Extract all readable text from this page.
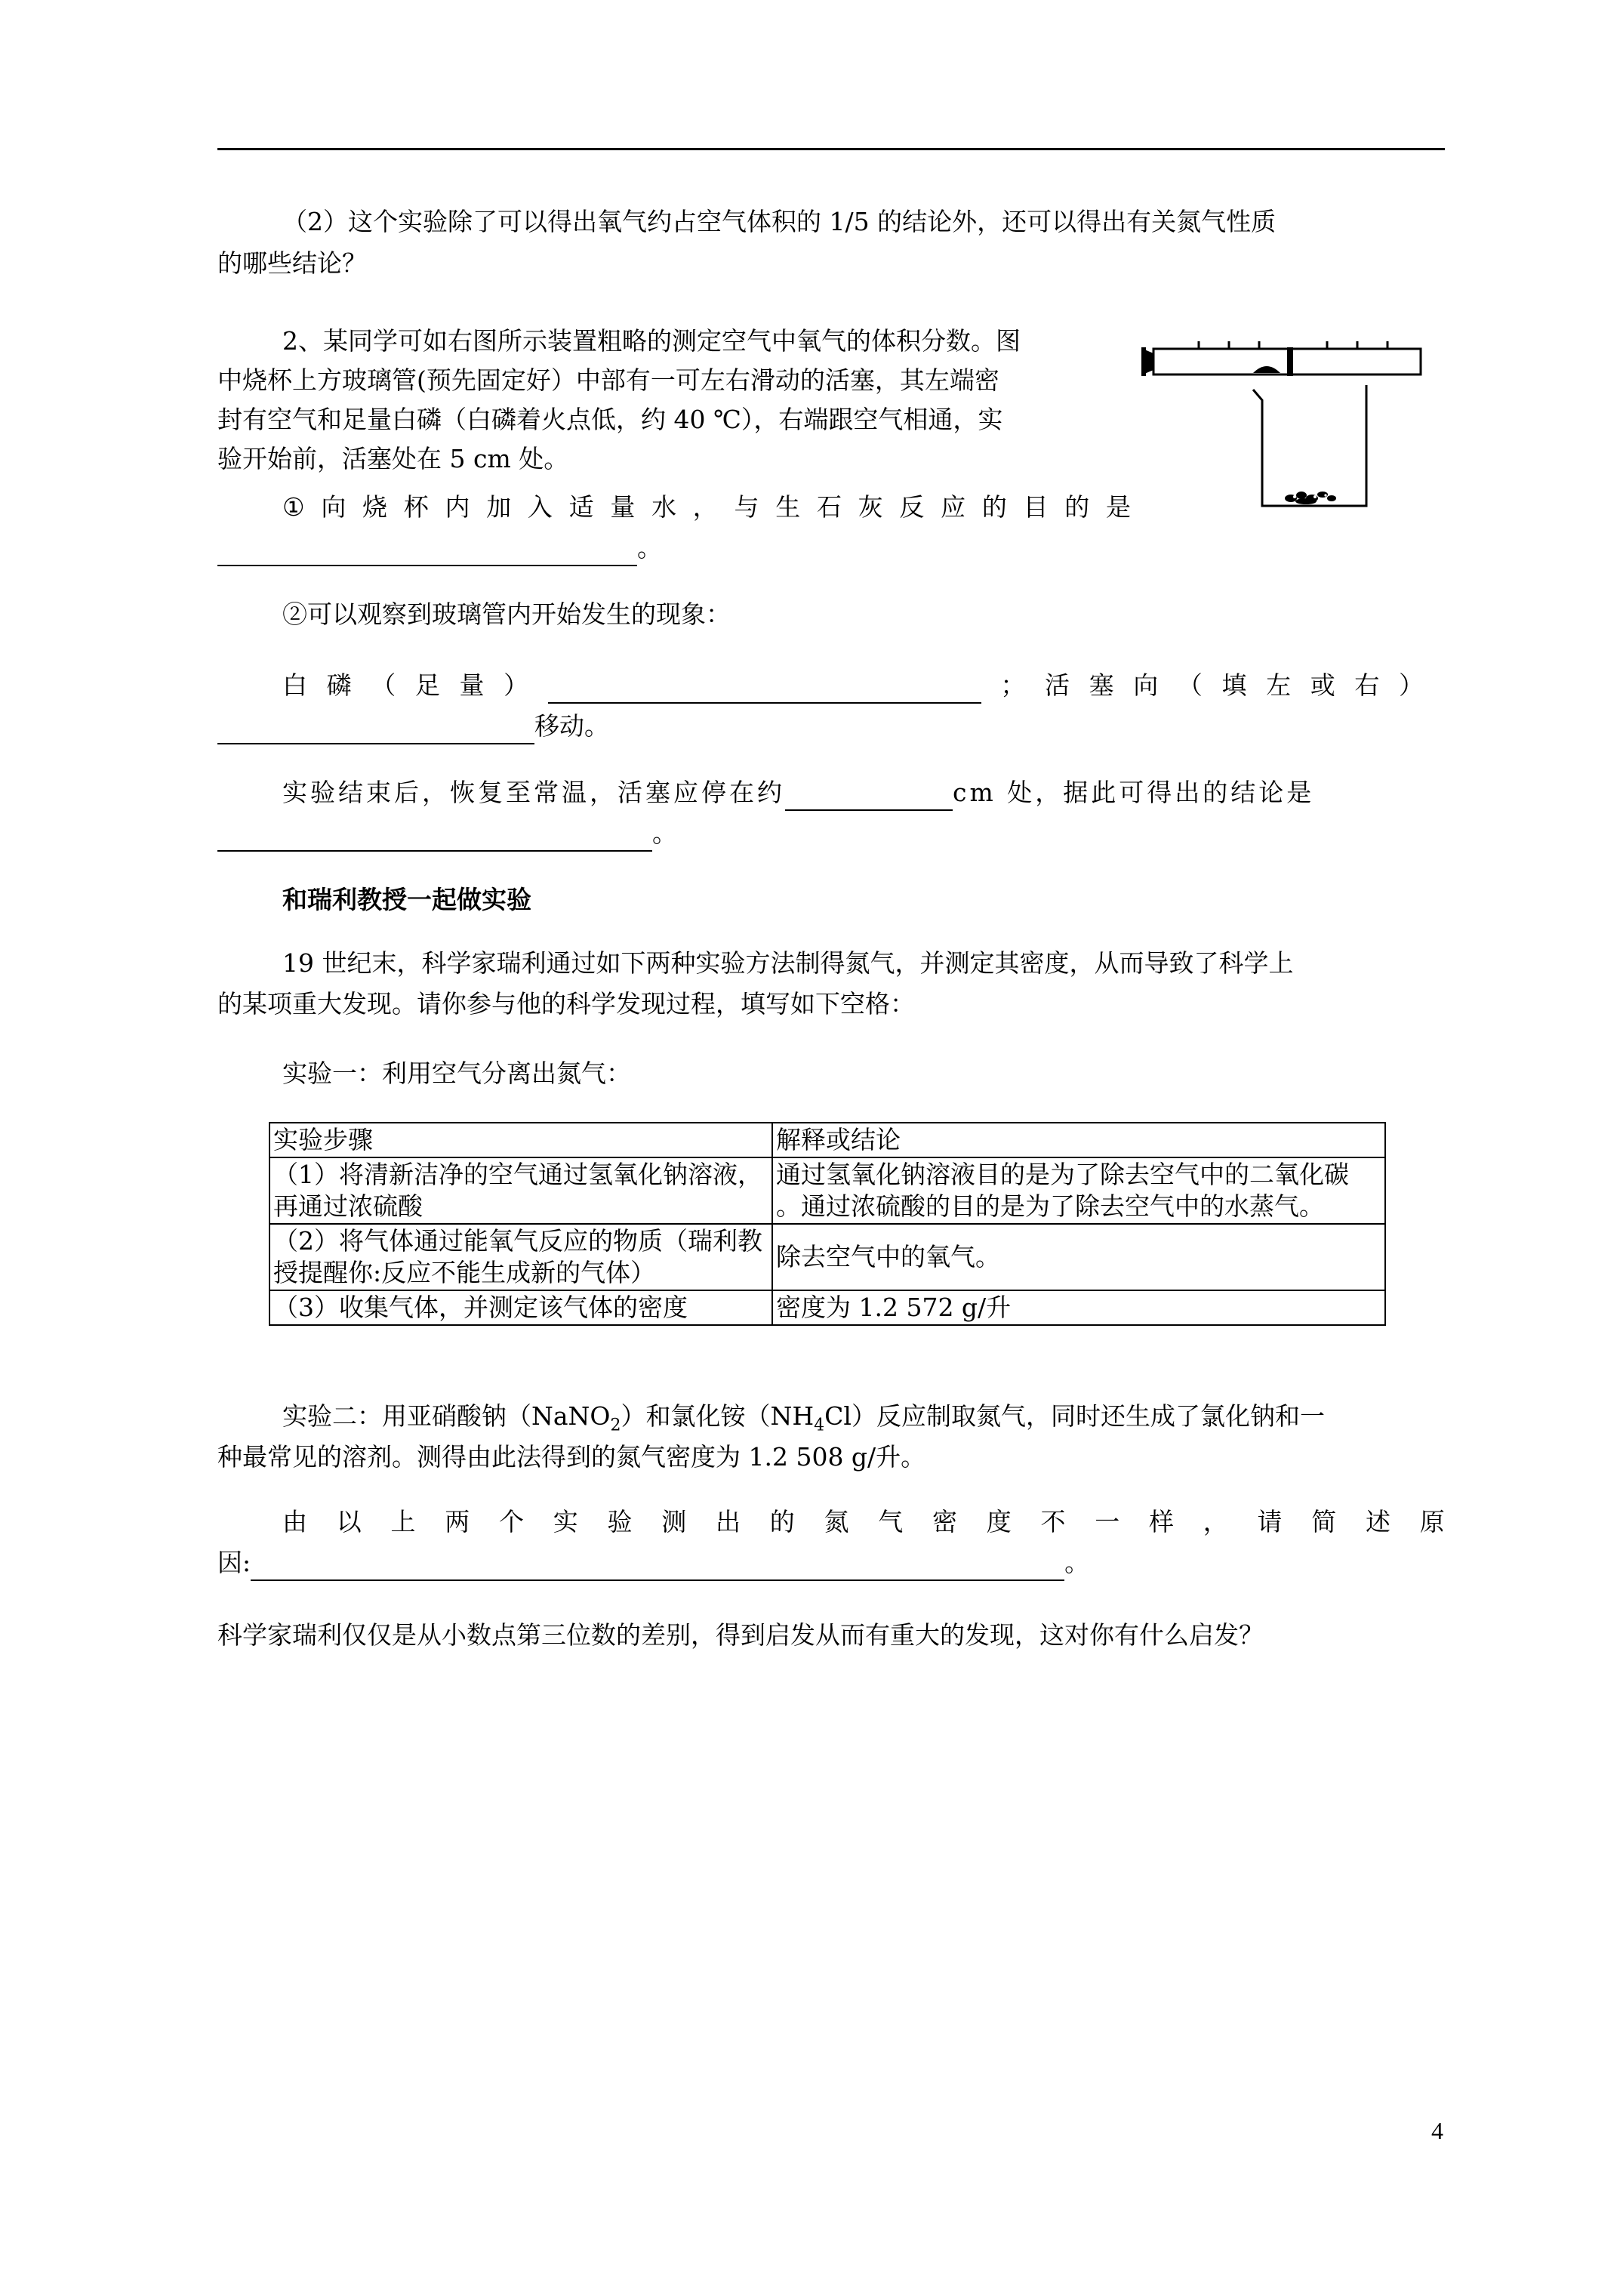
（2）这个实验除了可以得出氧气约占空气体积的 1/5 的结论外，还可以得出有关氮气性质
的哪些结论？
2、某同学可如右图所示装置粗略的测定空气中氧气的体积分数。图
中烧杯上方玻璃管(预先固定好）中部有一可左右滑动的活塞，其左端密
封有空气和足量白磷（白磷着火点低，约 40 ℃），右端跟空气相通，实
验开始前，活塞处在 5 cm 处。
① 向 烧 杯 内 加 入 适 量 水 ， 与 生 石 灰 反 应 的 目 的 是
。
②可以观察到玻璃管内开始发生的现象：
白 磷 （ 足 量 ）	； 活 塞 向 （ 填 左 或 右 ）
移动。
实验结束后，恢复至常温，活塞应停在约	cm 处，据此可得出的结论是
。
和瑞利教授一起做实验
19 世纪末，科学家瑞利通过如下两种实验方法制得氮气，并测定其密度，从而导致了科学上
的某项重大发现。请你参与他的科学发现过程，填写如下空格：
实验一：利用空气分离出氮气：
实验步骤	解释或结论
（1）将清新洁净的空气通过氢氧化钠溶液，再通过浓硫酸	通过氢氧化钠溶液目的是为了除去空气中的二氧化碳 。通过浓硫酸的目的是为了除去空气中的水蒸气。
（2）将气体通过能氧气反应的物质（瑞利教授提醒你:反应不能生成新的气体）	除去空气中的氧气。
（3）收集气体，并测定该气体的密度	密度为 1.2 572 g/升
实验二：用亚硝酸钠（NaNO$_2$）和氯化铵$(NH_4Cl)$反应制取氮气，同时还生成了氯化钠和一
种最常见的溶剂。测得由此法得到的氮气密度为 1.2 508 g/升。
由 以 上 两 个 实 验 测 出 的 氮 气 密 度 不 一 样 ， 请 简 述 原
因:	。
科学家瑞利仅仅是从小数点第三位数的差别，得到启发从而有重大的发现，这对你有什么启发？
4
